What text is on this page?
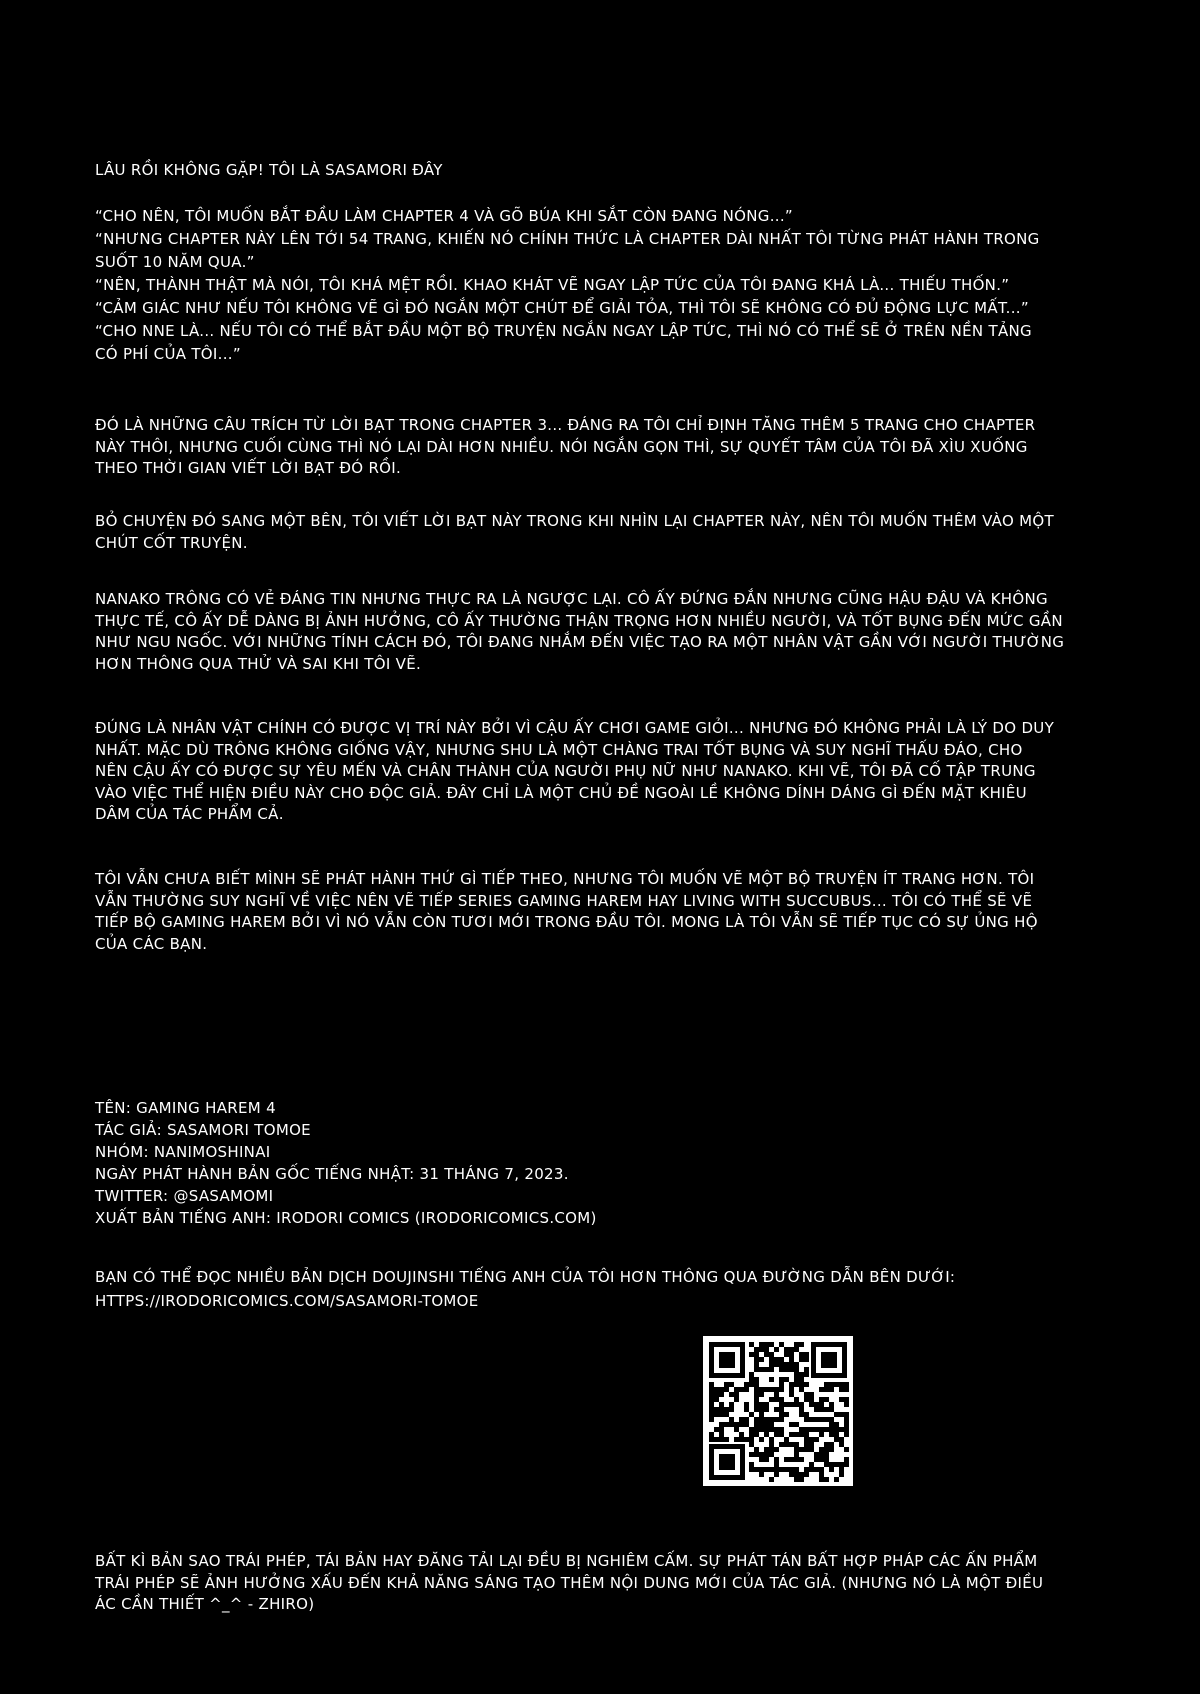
LÂU RỒI KHÔNG GẶP! TÔI LÀ SASAMORI ĐÂY
“CHO NÊN, TÔI MUỐN BẮT ĐẦU LÀM CHAPTER 4 VÀ GÕ BÚA KHI SẮT CÒN ĐANG NÓNG...”
“NHƯNG CHAPTER NÀY LÊN TỚI 54 TRANG, KHIẾN NÓ CHÍNH THỨC LÀ CHAPTER DÀI NHẤT TÔI TỪNG PHÁT HÀNH TRONG
SUỐT 10 NĂM QUA.”
“NÊN, THÀNH THẬT MÀ NÓI, TÔI KHÁ MỆT RỒI. KHAO KHÁT VẼ NGAY LẬP TỨC CỦA TÔI ĐANG KHÁ LÀ... THIẾU THỐN.”
“CẢM GIÁC NHƯ NẾU TÔI KHÔNG VẼ GÌ ĐÓ NGẮN MỘT CHÚT ĐỂ GIẢI TỎA, THÌ TÔI SẼ KHÔNG CÓ ĐỦ ĐỘNG LỰC MẤT...”
“CHO NNE LÀ... NẾU TÔI CÓ THỂ BẮT ĐẦU MỘT BỘ TRUYỆN NGẮN NGAY LẬP TỨC, THÌ NÓ CÓ THỂ SẼ Ở TRÊN NỀN TẢNG
CÓ PHÍ CỦA TÔI...”
ĐÓ LÀ NHỮNG CÂU TRÍCH TỪ LỜI BẠT TRONG CHAPTER 3... ĐÁNG RA TÔI CHỈ ĐỊNH TĂNG THÊM 5 TRANG CHO CHAPTER
NÀY THÔI, NHƯNG CUỐI CÙNG THÌ NÓ LẠI DÀI HƠN NHIỀU. NÓI NGẮN GỌN THÌ, SỰ QUYẾT TÂM CỦA TÔI ĐÃ XÌU XUỐNG
THEO THỜI GIAN VIẾT LỜI BẠT ĐÓ RỒI.
BỎ CHUYỆN ĐÓ SANG MỘT BÊN, TÔI VIẾT LỜI BẠT NÀY TRONG KHI NHÌN LẠI CHAPTER NÀY, NÊN TÔI MUỐN THÊM VÀO MỘT
CHÚT CỐT TRUYỆN.
NANAKO TRÔNG CÓ VẺ ĐÁNG TIN NHƯNG THỰC RA LÀ NGƯỢC LẠI. CÔ ẤY ĐỨNG ĐẮN NHƯNG CŨNG HẬU ĐẬU VÀ KHÔNG
THỰC TẾ, CÔ ẤY DỄ DÀNG BỊ ẢNH HƯỞNG, CÔ ẤY THƯỜNG THẬN TRỌNG HƠN NHIỀU NGƯỜI, VÀ TỐT BỤNG ĐẾN MỨC GẦN
NHƯ NGU NGỐC. VỚI NHỮNG TÍNH CÁCH ĐÓ, TÔI ĐANG NHẮM ĐẾN VIỆC TẠO RA MỘT NHÂN VẬT GẦN VỚI NGƯỜI THƯỜNG
HƠN THÔNG QUA THỬ VÀ SAI KHI TÔI VẼ.
ĐÚNG LÀ NHÂN VẬT CHÍNH CÓ ĐƯỢC VỊ TRÍ NÀY BỞI VÌ CẬU ẤY CHƠI GAME GIỎI... NHƯNG ĐÓ KHÔNG PHẢI LÀ LÝ DO DUY
NHẤT. MẶC DÙ TRÔNG KHÔNG GIỐNG VẬY, NHƯNG SHU LÀ MỘT CHÀNG TRAI TỐT BỤNG VÀ SUY NGHĨ THẤU ĐÁO, CHO
NÊN CẬU ẤY CÓ ĐƯỢC SỰ YÊU MẾN VÀ CHÂN THÀNH CỦA NGƯỜI PHỤ NỮ NHƯ NANAKO. KHI VẼ, TÔI ĐÃ CỐ TẬP TRUNG
VÀO VIỆC THỂ HIỆN ĐIỀU NÀY CHO ĐỘC GIẢ. ĐÂY CHỈ LÀ MỘT CHỦ ĐỀ NGOÀI LỀ KHÔNG DÍNH DÁNG GÌ ĐẾN MẶT KHIÊU
DÂM CỦA TÁC PHẨM CẢ.
TÔI VẪN CHƯA BIẾT MÌNH SẼ PHÁT HÀNH THỨ GÌ TIẾP THEO, NHƯNG TÔI MUỐN VẼ MỘT BỘ TRUYỆN ÍT TRANG HƠN. TÔI
VẪN THƯỜNG SUY NGHĨ VỀ VIỆC NÊN VẼ TIẾP SERIES GAMING HAREM HAY LIVING WITH SUCCUBUS... TÔI CÓ THỂ SẼ VẼ
TIẾP BỘ GAMING HAREM BỞI VÌ NÓ VẪN CÒN TƯƠI MỚI TRONG ĐẦU TÔI. MONG LÀ TÔI VẪN SẼ TIẾP TỤC CÓ SỰ ỦNG HỘ
CỦA CÁC BẠN.
TÊN: GAMING HAREM 4
TÁC GIẢ: SASAMORI TOMOE
NHÓM: NANIMOSHINAI
NGÀY PHÁT HÀNH BẢN GỐC TIẾNG NHẬT: 31 THÁNG 7, 2023.
TWITTER: @SASAMOMI
XUẤT BẢN TIẾNG ANH: IRODORI COMICS (IRODORICOMICS.COM)
BẠN CÓ THỂ ĐỌC NHIỀU BẢN DỊCH DOUJINSHI TIẾNG ANH CỦA TÔI HƠN THÔNG QUA ĐƯỜNG DẪN BÊN DƯỚI:
HTTPS://IRODORICOMICS.COM/SASAMORI-TOMOE
BẤT KÌ BẢN SAO TRÁI PHÉP, TÁI BẢN HAY ĐĂNG TẢI LẠI ĐỀU BỊ NGHIÊM CẤM. SỰ PHÁT TÁN BẤT HỢP PHÁP CÁC ẤN PHẨM
TRÁI PHÉP SẼ ẢNH HƯỞNG XẤU ĐẾN KHẢ NĂNG SÁNG TẠO THÊM NỘI DUNG MỚI CỦA TÁC GIẢ. (NHƯNG NÓ LÀ MỘT ĐIỀU
ÁC CẦN THIẾT ^_^ - ZHIRO)
